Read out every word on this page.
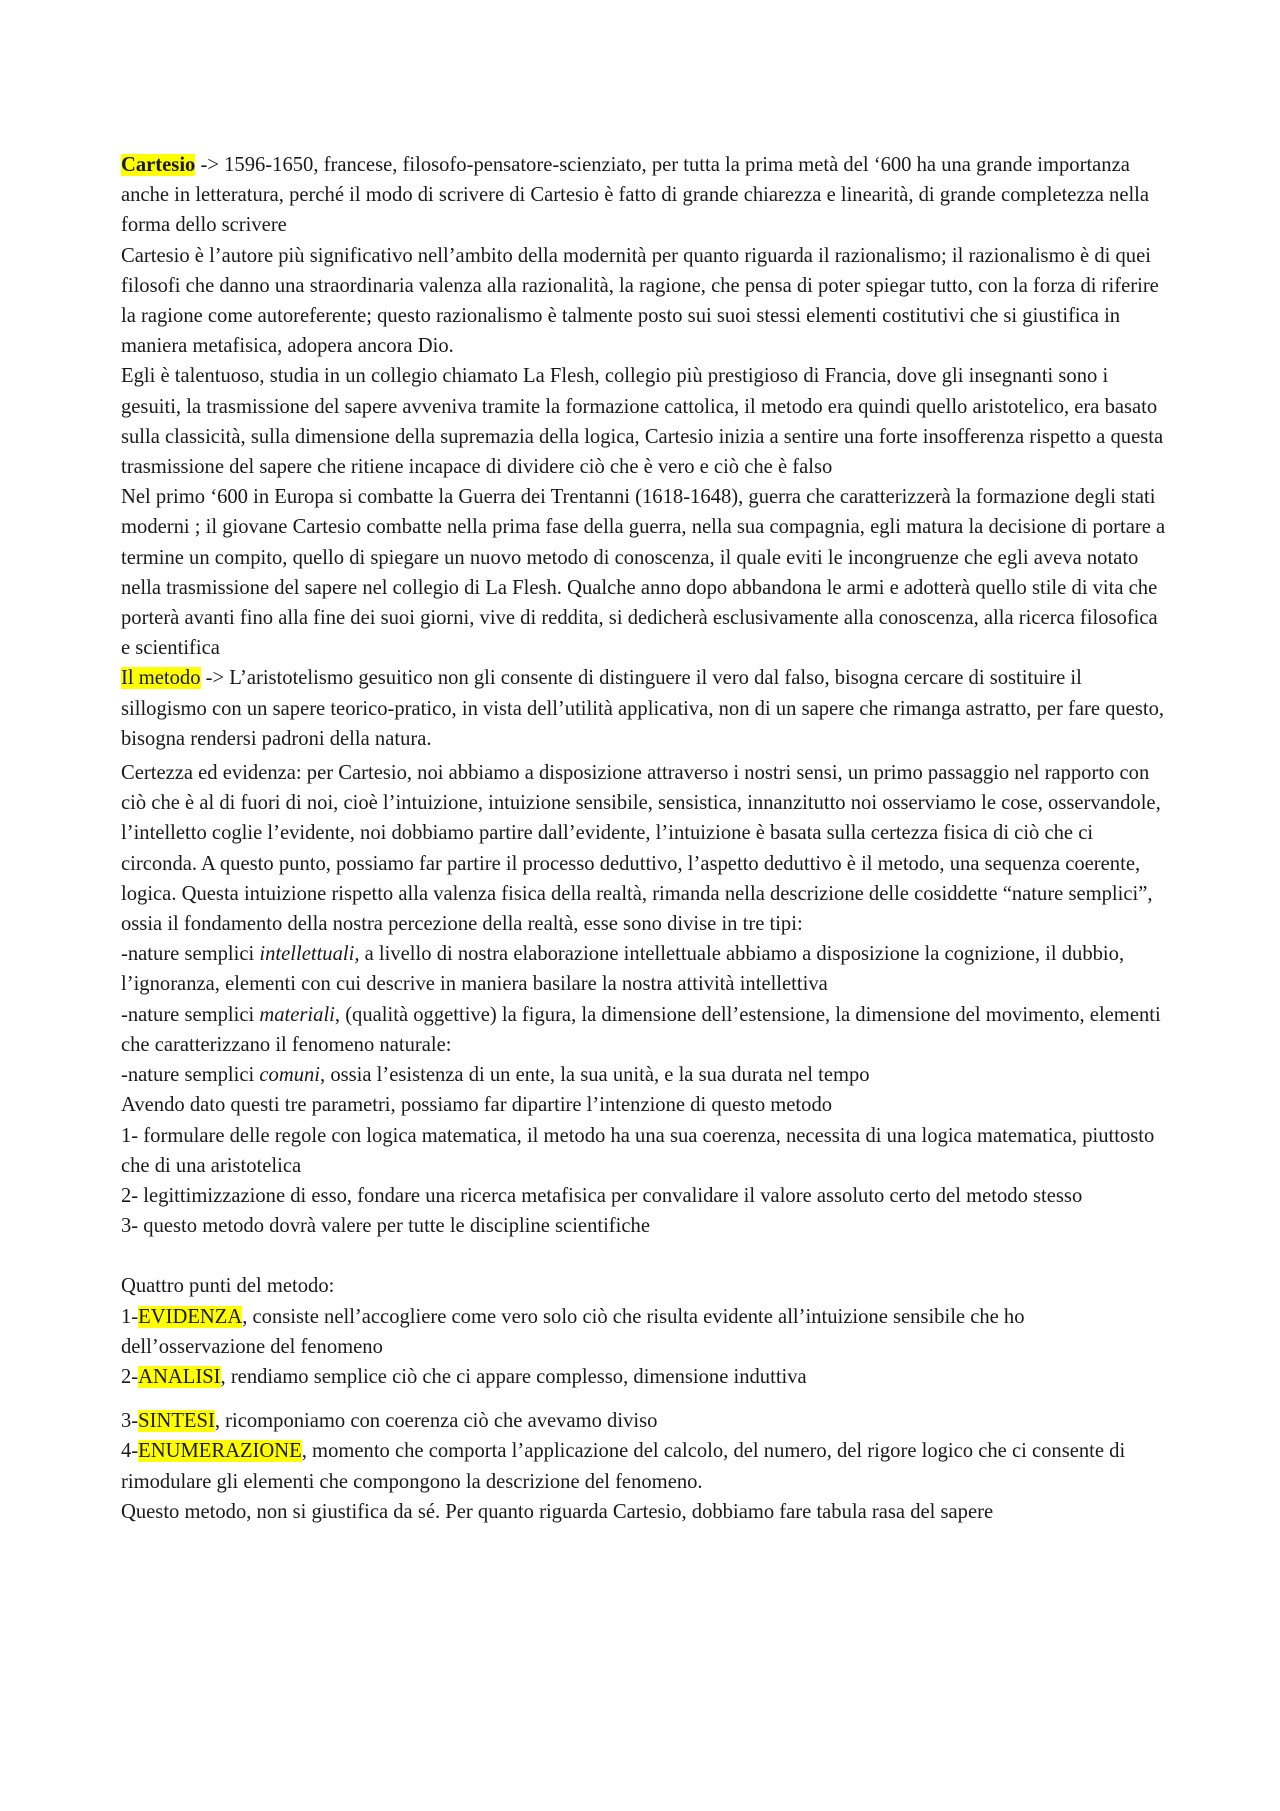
Cartesio -> 1596-1650, francese, filosofo-pensatore-scienziato, per tutta la prima metà del ‘600 ha una grande importanza anche in letteratura, perché il modo di scrivere di Cartesio è fatto di grande chiarezza e linearità, di grande completezza nella forma dello scrivere

Cartesio è l’autore più significativo nell’ambito della modernità per quanto riguarda il razionalismo; il razionalismo è di quei filosofi che danno una straordinaria valenza alla razionalità, la ragione, che pensa di poter spiegar tutto, con la forza di riferire la ragione come autoreferente; questo razionalismo è talmente posto sui suoi stessi elementi costitutivi che si giustifica in maniera metafisica, adopera ancora Dio.

Egli è talentuoso, studia in un collegio chiamato La Flesh, collegio più prestigioso di Francia, dove gli insegnanti sono i gesuiti, la trasmissione del sapere avveniva tramite la formazione cattolica, il metodo era quindi quello aristotelico, era basato sulla classicità, sulla dimensione della supremazia della logica, Cartesio inizia a sentire una forte insofferenza rispetto a questa trasmissione del sapere che ritiene incapace di dividere ciò che è vero e ciò che è falso

Nel primo ‘600 in Europa si combatte la Guerra dei Trentanni (1618-1648), guerra che caratterizzerà la formazione degli stati moderni ; il giovane Cartesio combatte nella prima fase della guerra, nella sua compagnia, egli matura la decisione di portare a termine un compito, quello di spiegare un nuovo metodo di conoscenza, il quale eviti le incongruenze che egli aveva notato nella trasmissione del sapere nel collegio di La Flesh. Qualche anno dopo abbandona le armi e adotterà quello stile di vita che porterà avanti fino alla fine dei suoi giorni, vive di reddita, si dedicherà esclusivamente alla conoscenza, alla ricerca filosofica e scientifica

Il metodo -> L’aristotelismo gesuitico non gli consente di distinguere il vero dal falso, bisogna cercare di sostituire il sillogismo con un sapere teorico-pratico, in vista dell’utilità applicativa, non di un sapere che rimanga astratto, per fare questo, bisogna rendersi padroni della natura.

Certezza ed evidenza: per Cartesio, noi abbiamo a disposizione attraverso i nostri sensi, un primo passaggio nel rapporto con ciò che è al di fuori di noi, cioè l’intuizione, intuizione sensibile, sensistica, innanzitutto noi osserviamo le cose, osservandole, l’intelletto coglie l’evidente, noi dobbiamo partire dall’evidente, l’intuizione è basata sulla certezza fisica di ciò che ci circonda. A questo punto, possiamo far partire il processo deduttivo, l’aspetto deduttivo è il metodo, una sequenza coerente, logica. Questa intuizione rispetto alla valenza fisica della realtà, rimanda nella descrizione delle cosiddette “nature semplici”, ossia il fondamento della nostra percezione della realtà, esse sono divise in tre tipi:

-nature semplici intellettuali, a livello di nostra elaborazione intellettuale abbiamo a disposizione la cognizione, il dubbio, l’ignoranza, elementi con cui descrive in maniera basilare la nostra attività intellettiva

-nature semplici materiali, (qualità oggettive) la figura, la dimensione dell’estensione, la dimensione del movimento, elementi che caratterizzano il fenomeno naturale:

-nature semplici comuni, ossia l’esistenza di un ente, la sua unità, e la sua durata nel tempo

Avendo dato questi tre parametri, possiamo far dipartire l’intenzione di questo metodo

1- formulare delle regole con logica matematica, il metodo ha una sua coerenza, necessita di una logica matematica, piuttosto che di una aristotelica

2- legittimizzazione di esso, fondare una ricerca metafisica per convalidare il valore assoluto certo del metodo stesso

3- questo metodo dovrà valere per tutte le discipline scientifiche

Quattro punti del metodo:

1-EVIDENZA, consiste nell’accogliere come vero solo ciò che risulta evidente all’intuizione sensibile che ho dell’osservazione del fenomeno

2-ANALISI, rendiamo semplice ciò che ci appare complesso, dimensione induttiva

3-SINTESI, ricomponiamo con coerenza ciò che avevamo diviso

4-ENUMERAZIONE, momento che comporta l’applicazione del calcolo, del numero, del rigore logico che ci consente di rimodulare gli elementi che compongono la descrizione del fenomeno.

Questo metodo, non si giustifica da sé. Per quanto riguarda Cartesio, dobbiamo fare tabula rasa del sapere
